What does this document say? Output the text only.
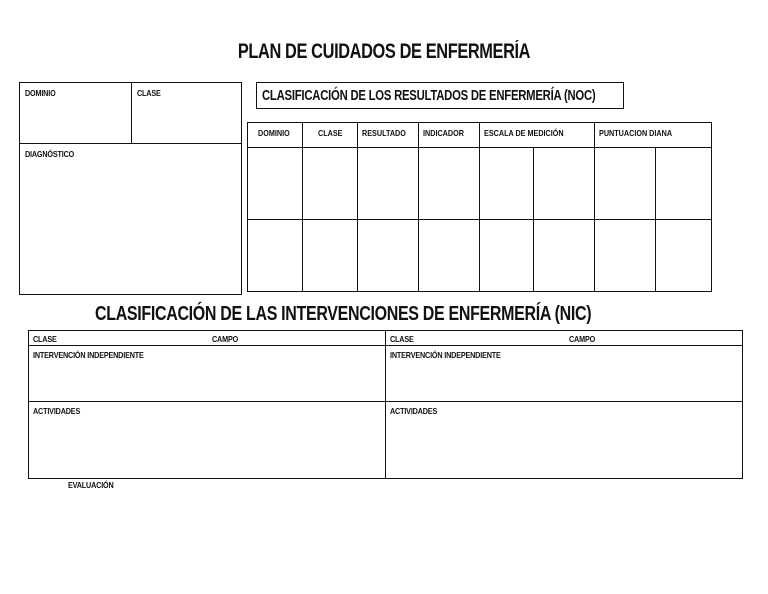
PLAN DE CUIDADOS DE ENFERMERÍA
DOMINIO	CLASE
DIAGNÓSTICO
CLASIFICACIÓN DE LOS RESULTADOS DE ENFERMERÍA (NOC)
DOMINIO	CLASE	RESULTADO	INDICADOR	ESCALA DE MEDICIÓN		PUNTUACION DIANA	

CLASIFICACIÓN DE LAS INTERVENCIONES DE ENFERMERÍA (NIC)
CLASE	CAMPO
INTERVENCIÓN INDEPENDIENTE
ACTIVIDADES
CLASE	CAMPO
INTERVENCIÓN INDEPENDIENTE
ACTIVIDADES
EVALUACIÓN
